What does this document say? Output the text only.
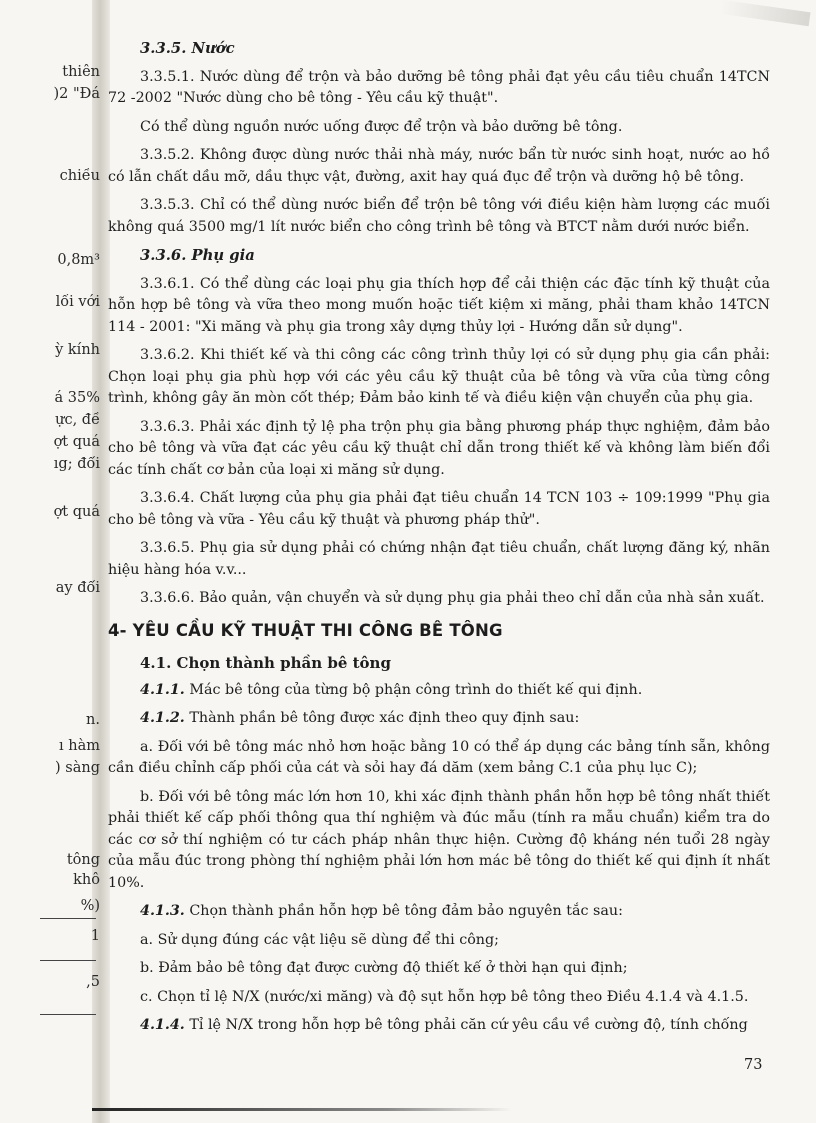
thiên
)2 "Đá
chiều
0,8m³
lối với
ỳ kính
á 35%
ực, đề
ợt quá
ıg; đổi
ợt quá
ay đổi
n.
ı hàm
) sàng
tông
khô
%)
1
,5
3.3.5. Nước

3.3.5.1. Nước dùng để trộn và bảo dưỡng bê tông phải đạt yêu cầu tiêu chuẩn 14TCN 72 -2002 "Nước dùng cho bê tông - Yêu cầu kỹ thuật".

Có thể dùng nguồn nước uống được để trộn và bảo dưỡng bê tông.

3.3.5.2. Không được dùng nước thải nhà máy, nước bẩn từ nước sinh hoạt, nước ao hồ có lẫn chất dầu mỡ, dầu thực vật, đường, axit hay quá đục để trộn và dưỡng hộ bê tông.

3.3.5.3. Chỉ có thể dùng nước biển để trộn bê tông với điều kiện hàm lượng các muối không quá 3500 mg/1 lít nước biển cho công trình bê tông và BTCT nằm dưới nước biển.

3.3.6. Phụ gia

3.3.6.1. Có thể dùng các loại phụ gia thích hợp để cải thiện các đặc tính kỹ thuật của hỗn hợp bê tông và vữa theo mong muốn hoặc tiết kiệm xi măng, phải tham khảo 14TCN 114 - 2001: "Xi măng và phụ gia trong xây dựng thủy lợi - Hướng dẫn sử dụng".

3.3.6.2. Khi thiết kế và thi công các công trình thủy lợi có sử dụng phụ gia cần phải: Chọn loại phụ gia phù hợp với các yêu cầu kỹ thuật của bê tông và vữa của từng công trình, không gây ăn mòn cốt thép; Đảm bảo kinh tế và điều kiện vận chuyển của phụ gia.

3.3.6.3. Phải xác định tỷ lệ pha trộn phụ gia bằng phương pháp thực nghiệm, đảm bảo cho bê tông và vữa đạt các yêu cầu kỹ thuật chỉ dẫn trong thiết kế và không làm biến đổi các tính chất cơ bản của loại xi măng sử dụng.

3.3.6.4. Chất lượng của phụ gia phải đạt tiêu chuẩn 14 TCN 103 ÷ 109:1999 "Phụ gia cho bê tông và vữa - Yêu cầu kỹ thuật và phương pháp thử".

3.3.6.5. Phụ gia sử dụng phải có chứng nhận đạt tiêu chuẩn, chất lượng đăng ký, nhãn hiệu hàng hóa v.v...

3.3.6.6. Bảo quản, vận chuyển và sử dụng phụ gia phải theo chỉ dẫn của nhà sản xuất.

4- YÊU CẦU KỸ THUẬT THI CÔNG BÊ TÔNG
4.1. Chọn thành phần bê tông

4.1.1. Mác bê tông của từng bộ phận công trình do thiết kế qui định.

4.1.2. Thành phần bê tông được xác định theo quy định sau:

a. Đối với bê tông mác nhỏ hơn hoặc bằng 10 có thể áp dụng các bảng tính sẵn, không cần điều chỉnh cấp phối của cát và sỏi hay đá dăm (xem bảng C.1 của phụ lục C);

b. Đối với bê tông mác lớn hơn 10, khi xác định thành phần hỗn hợp bê tông nhất thiết phải thiết kế cấp phối thông qua thí nghiệm và đúc mẫu (tính ra mẫu chuẩn) kiểm tra do các cơ sở thí nghiệm có tư cách pháp nhân thực hiện. Cường độ kháng nén tuổi 28 ngày của mẫu đúc trong phòng thí nghiệm phải lớn hơn mác bê tông do thiết kế qui định ít nhất 10%.

4.1.3. Chọn thành phần hỗn hợp bê tông đảm bảo nguyên tắc sau:

a. Sử dụng đúng các vật liệu sẽ dùng để thi công;

b. Đảm bảo bê tông đạt được cường độ thiết kế ở thời hạn qui định;

c. Chọn tỉ lệ N/X (nước/xi măng) và độ sụt hỗn hợp bê tông theo Điều 4.1.4 và 4.1.5.

4.1.4. Tỉ lệ N/X trong hỗn hợp bê tông phải căn cứ yêu cầu về cường độ, tính chống

73
